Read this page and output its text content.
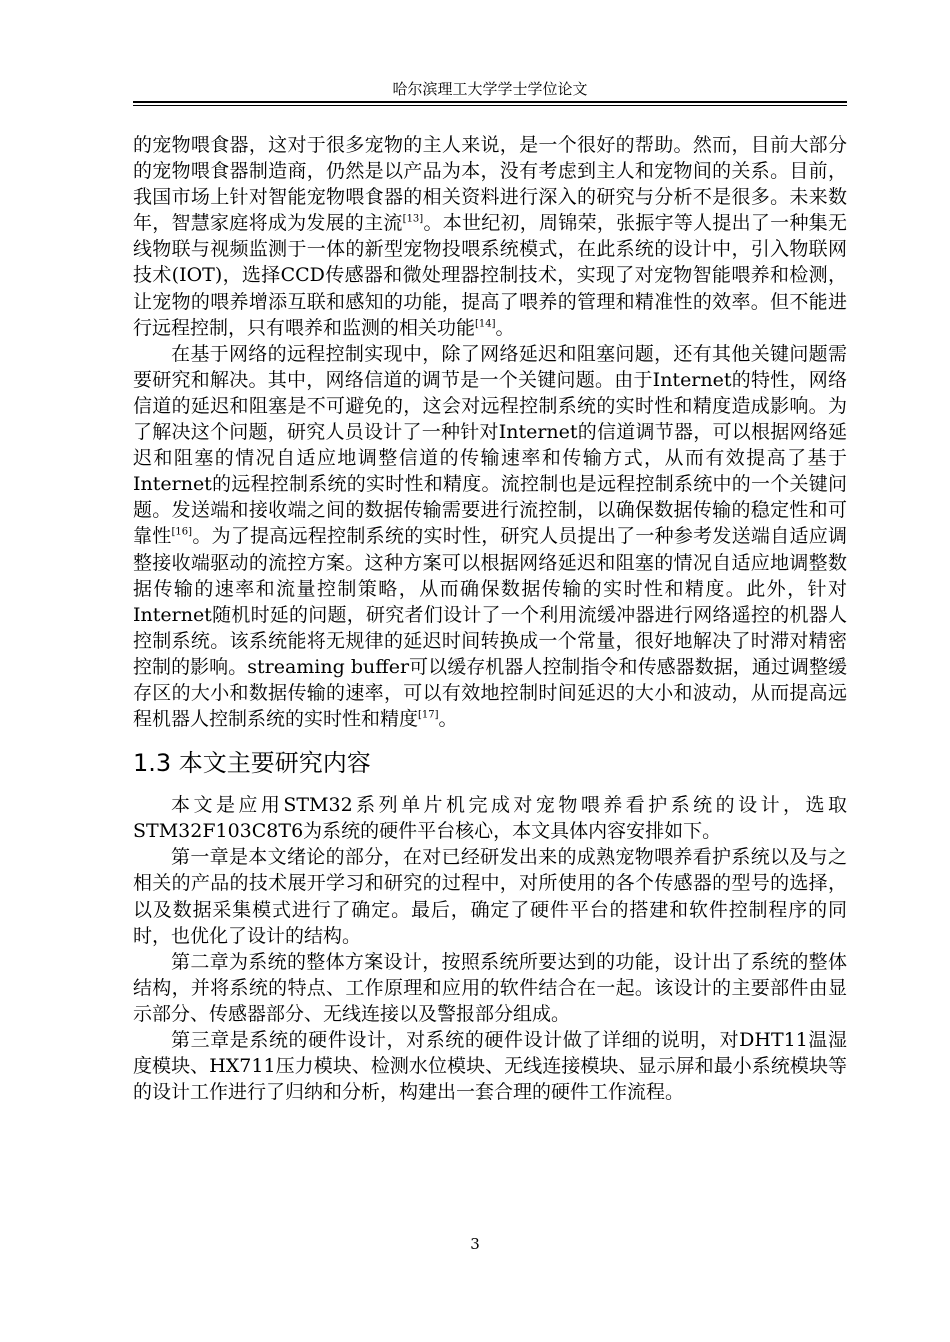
哈尔滨理工大学学士学位论文

的宠物喂食器，这对于很多宠物的主人来说，是一个很好的帮助。然而，目前大部分的宠物喂食器制造商，仍然是以产品为本，没有考虑到主人和宠物间的关系。目前，我国市场上针对智能宠物喂食器的相关资料进行深入的研究与分析不是很多。未来数年，智慧家庭将成为发展的主流[13]。本世纪初，周锦荣，张振宇等人提出了一种集无线物联与视频监测于一体的新型宠物投喂系统模式，在此系统的设计中，引入物联网技术(IOT)，选择CCD传感器和微处理器控制技术，实现了对宠物智能喂养和检测，让宠物的喂养增添互联和感知的功能，提高了喂养的管理和精准性的效率。但不能进行远程控制，只有喂养和监测的相关功能[14]。

在基于网络的远程控制实现中，除了网络延迟和阻塞问题，还有其他关键问题需要研究和解决。其中，网络信道的调节是一个关键问题。由于Internet的特性，网络信道的延迟和阻塞是不可避免的，这会对远程控制系统的实时性和精度造成影响。为了解决这个问题，研究人员设计了一种针对Internet的信道调节器，可以根据网络延迟和阻塞的情况自适应地调整信道的传输速率和传输方式，从而有效提高了基于Internet的远程控制系统的实时性和精度。流控制也是远程控制系统中的一个关键问题。发送端和接收端之间的数据传输需要进行流控制，以确保数据传输的稳定性和可靠性[16]。为了提高远程控制系统的实时性，研究人员提出了一种参考发送端自适应调整接收端驱动的流控方案。这种方案可以根据网络延迟和阻塞的情况自适应地调整数据传输的速率和流量控制策略，从而确保数据传输的实时性和精度。此外，针对Internet随机时延的问题，研究者们设计了一个利用流缓冲器进行网络遥控的机器人控制系统。该系统能将无规律的延迟时间转换成一个常量，很好地解决了时滞对精密控制的影响。streaming buffer可以缓存机器人控制指令和传感器数据，通过调整缓存区的大小和数据传输的速率，可以有效地控制时间延迟的大小和波动，从而提高远程机器人控制系统的实时性和精度[17]。

1.3 本文主要研究内容

本文是应用STM32系列单片机完成对宠物喂养看护系统的设计，选取STM32F103C8T6为系统的硬件平台核心，本文具体内容安排如下。

第一章是本文绪论的部分，在对已经研发出来的成熟宠物喂养看护系统以及与之相关的产品的技术展开学习和研究的过程中，对所使用的各个传感器的型号的选择，以及数据采集模式进行了确定。最后，确定了硬件平台的搭建和软件控制程序的同时，也优化了设计的结构。

第二章为系统的整体方案设计，按照系统所要达到的功能，设计出了系统的整体结构，并将系统的特点、工作原理和应用的软件结合在一起。该设计的主要部件由显示部分、传感器部分、无线连接以及警报部分组成。

第三章是系统的硬件设计，对系统的硬件设计做了详细的说明，对DHT11温湿度模块、HX711压力模块、检测水位模块、无线连接模块、显示屏和最小系统模块等的设计工作进行了归纳和分析，构建出一套合理的硬件工作流程。

3
